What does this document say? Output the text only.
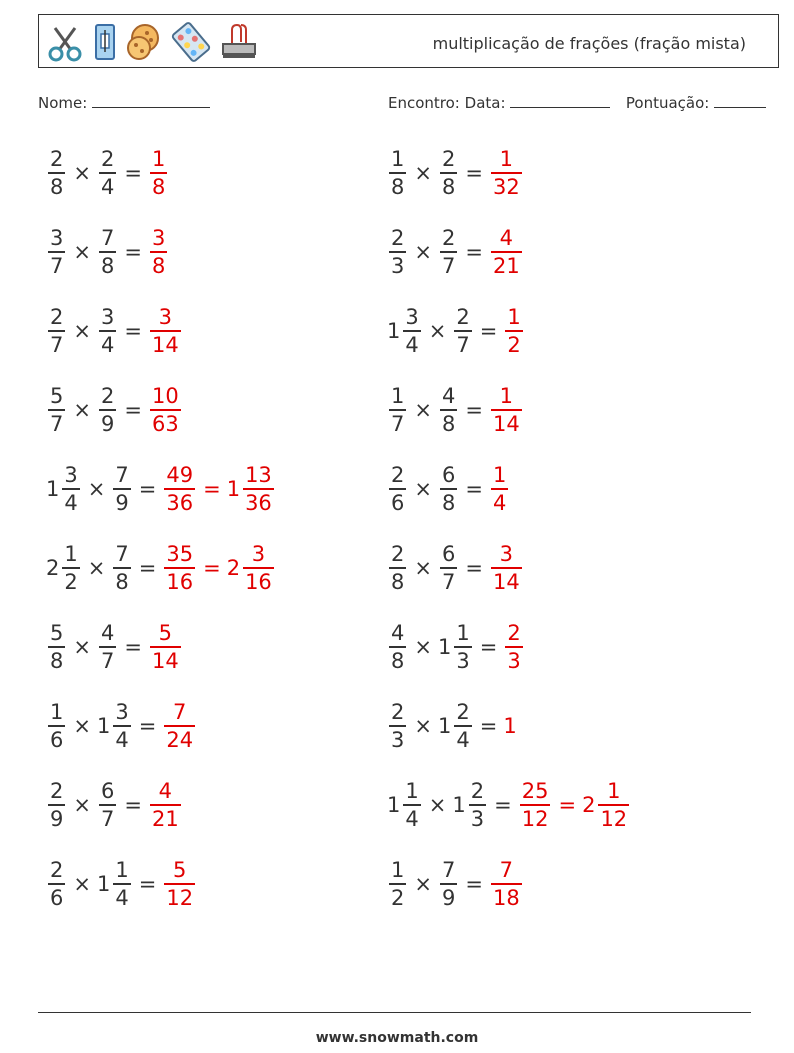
multiplicação de frações (fração mista)
Nome:	Encontro: Data:	Pontuação:
$\frac{2}{8} \times \frac{2}{4} = \frac{1}{8}$
$\frac{3}{7} \times \frac{7}{8} = \frac{3}{8}$
$\frac{2}{7} \times \frac{3}{4} = \frac{3}{14}$
$\frac{5}{7} \times \frac{2}{9} = \frac{10}{63}$
$1 \frac{3}{4} \times \frac{7}{9} = \frac{49}{36} = 1 \frac{13}{36}$
$2 \frac{1}{2} \times \frac{7}{8} = \frac{35}{16} = 2 \frac{3}{16}$
$\frac{5}{8} \times \frac{4}{7} = \frac{5}{14}$
$\frac{1}{6} \times 1 \frac{3}{4} = \frac{7}{24}$
$\frac{2}{9} \times \frac{6}{7} = \frac{4}{21}$
$\frac{2}{6} \times 1 \frac{1}{4} = \frac{5}{12}$
$\frac{1}{8} \times \frac{2}{8} = \frac{1}{32}$
$\frac{2}{3} \times \frac{2}{7} = \frac{4}{21}$
$1 \frac{3}{4} \times \frac{2}{7} = \frac{1}{2}$
$\frac{1}{7} \times \frac{4}{8} = \frac{1}{14}$
$\frac{2}{6} \times \frac{6}{8} = \frac{1}{4}$
$\frac{2}{8} \times \frac{6}{7} = \frac{3}{14}$
$\frac{4}{8} \times 1 \frac{1}{3} = \frac{2}{3}$
$\frac{2}{3} \times 1 \frac{2}{4} = 1$
$1 \frac{1}{4} \times 1 \frac{2}{3} = \frac{25}{12} = 2 \frac{1}{12}$
$\frac{1}{2} \times \frac{7}{9} = \frac{7}{18}$
www.snowmath.com
